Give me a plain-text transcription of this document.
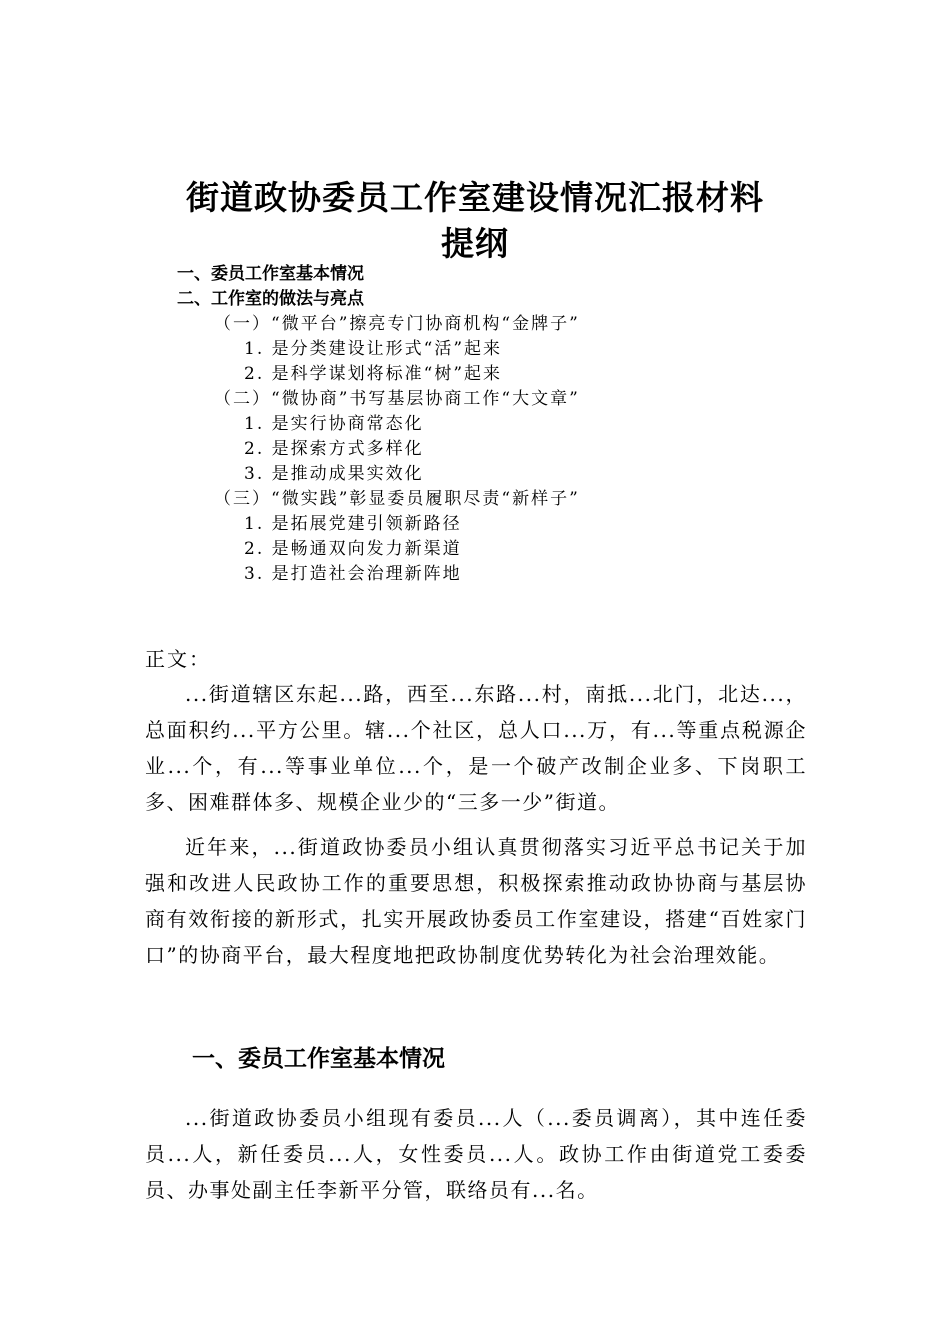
街道政协委员工作室建设情况汇报材料
提纲
一、委员工作室基本情况
二、工作室的做法与亮点
（一）“微平台”擦亮专门协商机构“金牌子”
1. 是分类建设让形式“活”起来
2. 是科学谋划将标准“树”起来
（二）“微协商”书写基层协商工作“大文章”
1. 是实行协商常态化
2. 是探索方式多样化
3. 是推动成果实效化
（三）“微实践”彰显委员履职尽责“新样子”
1. 是拓展党建引领新路径
2. 是畅通双向发力新渠道
3. 是打造社会治理新阵地
正文：

...街道辖区东起...路，西至...东路...村，南抵...北门，北达...，总面积约...平方公里。辖...个社区，总人口...万，有...等重点税源企业...个，有...等事业单位...个，是一个破产改制企业多、下岗职工多、困难群体多、规模企业少的“三多一少”街道。

近年来，...街道政协委员小组认真贯彻落实习近平总书记关于加强和改进人民政协工作的重要思想，积极探索推动政协协商与基层协商有效衔接的新形式，扎实开展政协委员工作室建设，搭建“百姓家门口”的协商平台，最大程度地把政协制度优势转化为社会治理效能。

一、委员工作室基本情况

...街道政协委员小组现有委员...人（...委员调离），其中连任委员...人，新任委员...人，女性委员...人。政协工作由街道党工委委员、办事处副主任李新平分管，联络员有...名。
